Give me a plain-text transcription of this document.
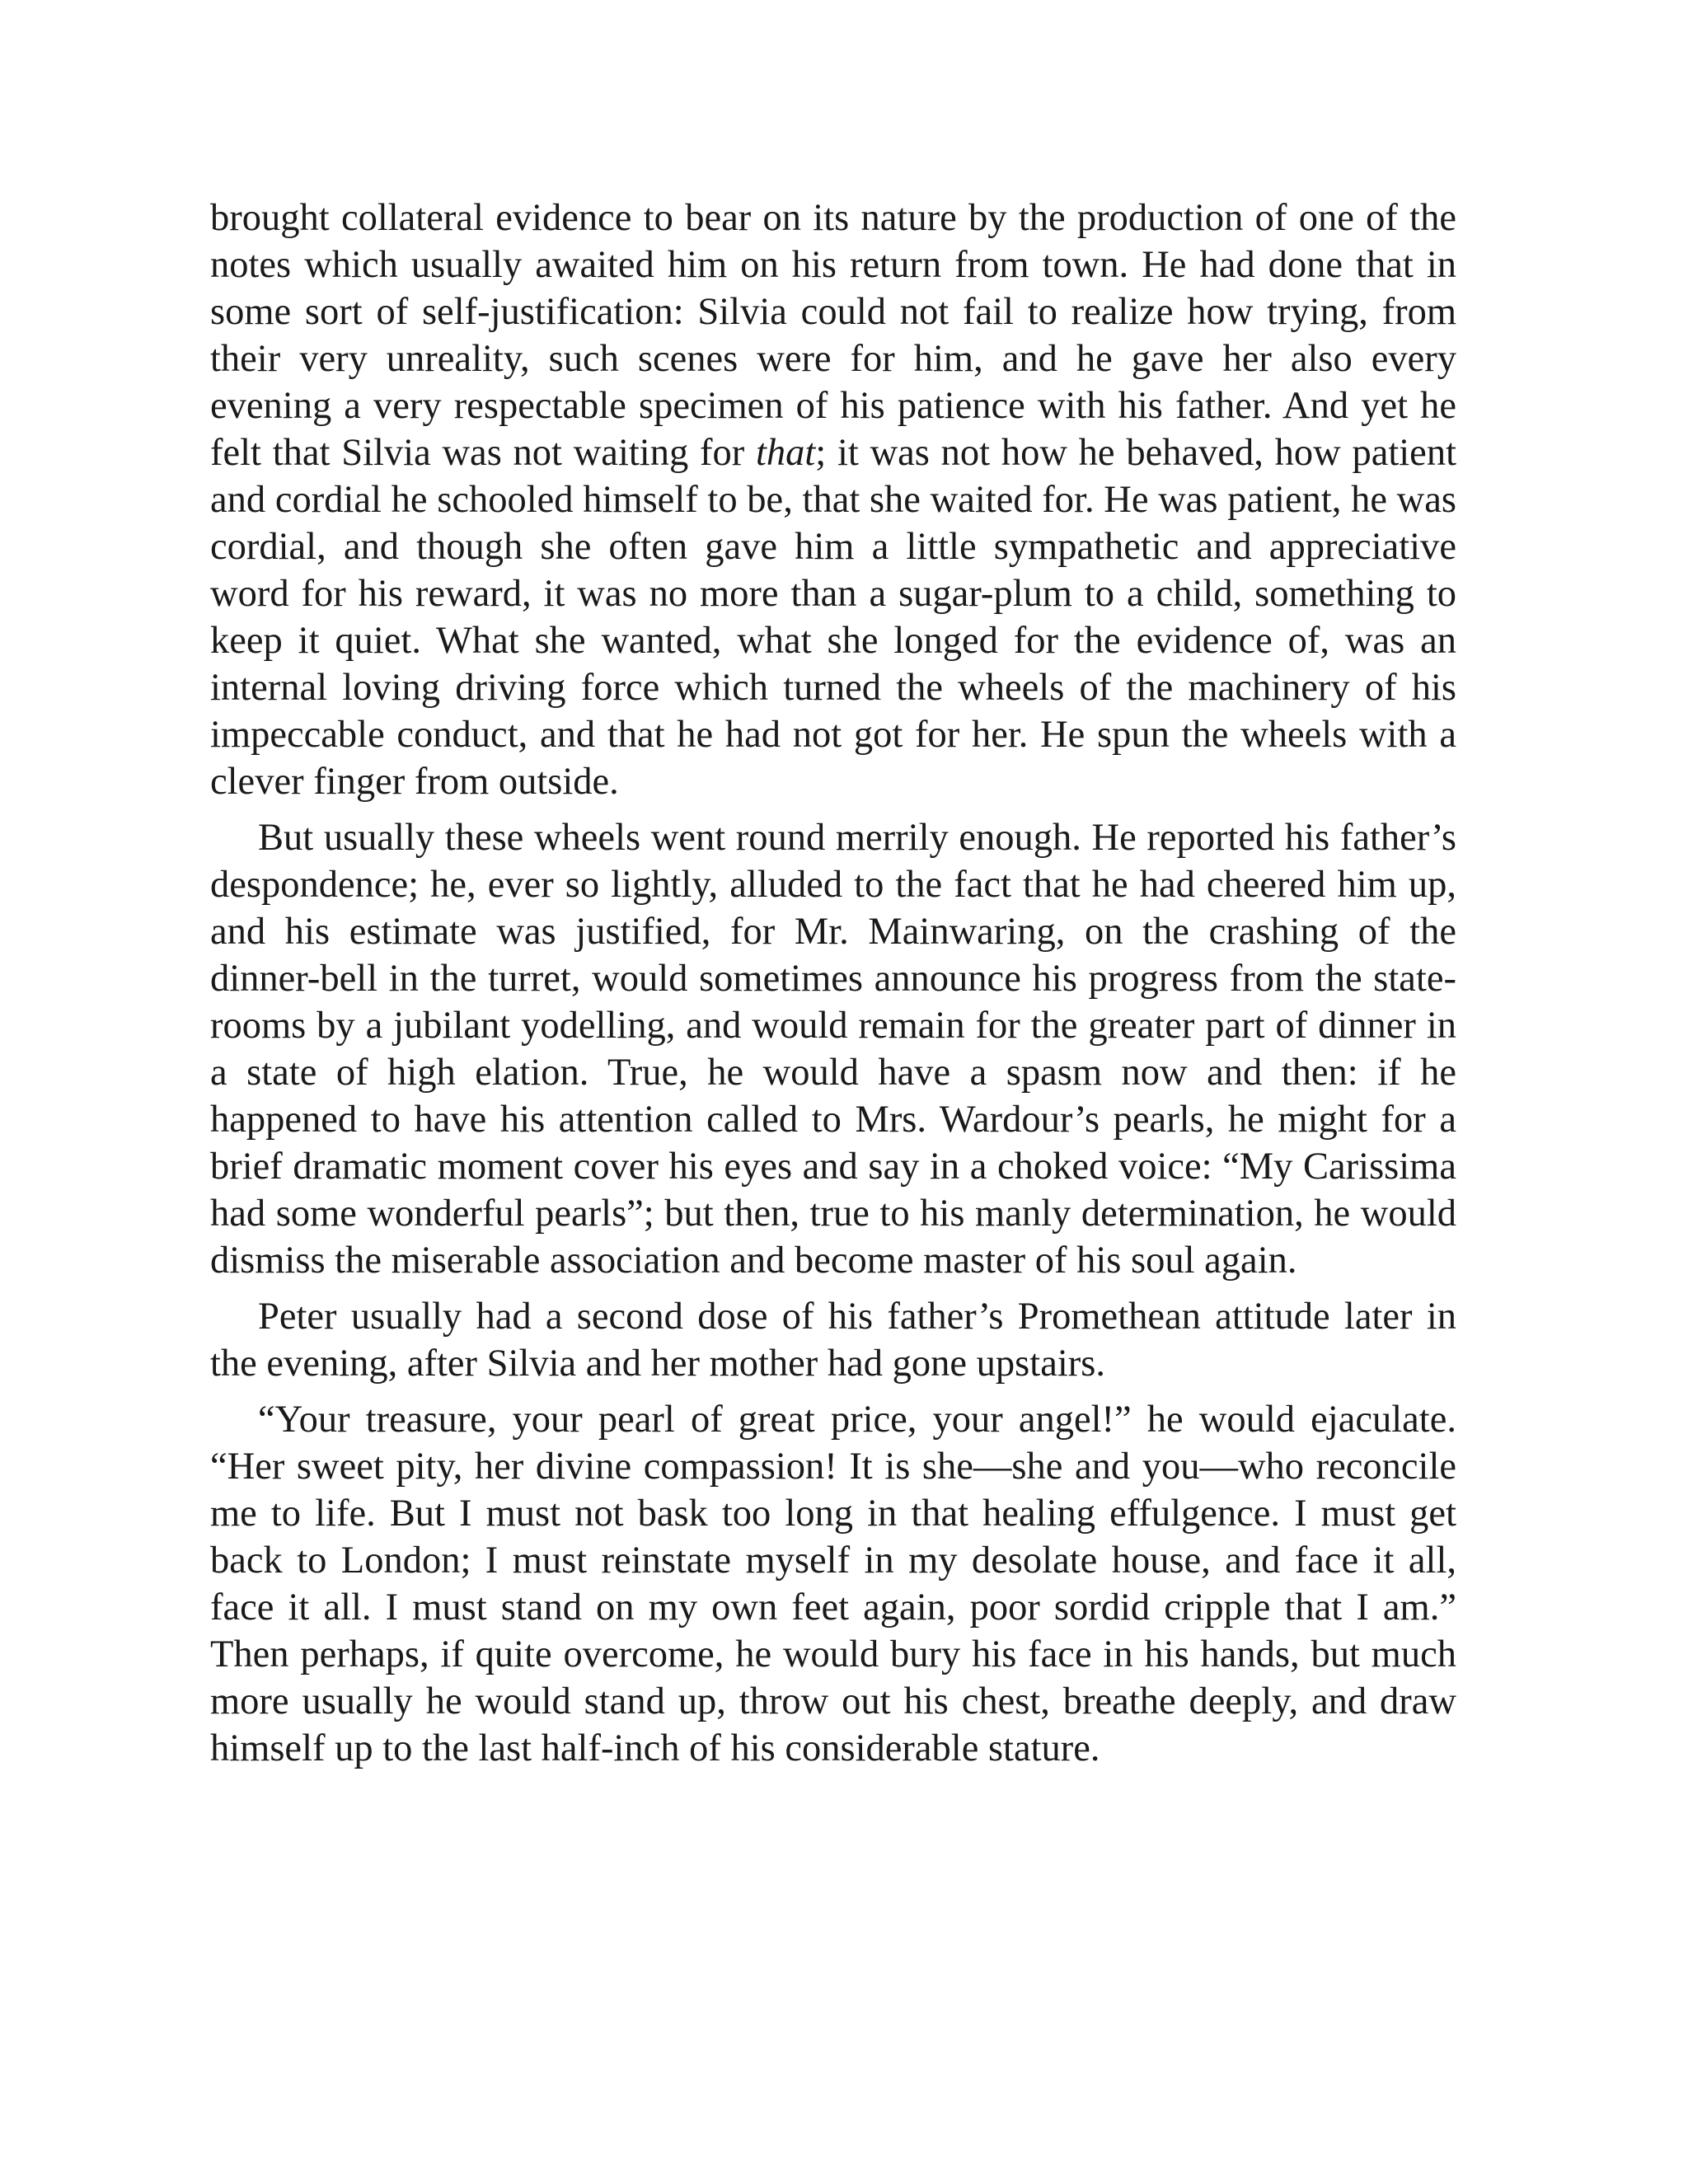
brought collateral evidence to bear on its nature by the production of one of the notes which usually awaited him on his return from town. He had done that in some sort of self-justification: Silvia could not fail to realize how trying, from their very unreality, such scenes were for him, and he gave her also every evening a very respectable specimen of his patience with his father. And yet he felt that Silvia was not waiting for that; it was not how he behaved, how patient and cordial he schooled himself to be, that she waited for. He was patient, he was cordial, and though she often gave him a little sympathetic and appreciative word for his reward, it was no more than a sugar-plum to a child, something to keep it quiet. What she wanted, what she longed for the evidence of, was an internal loving driving force which turned the wheels of the machinery of his impeccable conduct, and that he had not got for her. He spun the wheels with a clever finger from outside.

But usually these wheels went round merrily enough. He reported his father’s despondence; he, ever so lightly, alluded to the fact that he had cheered him up, and his estimate was justified, for Mr. Mainwaring, on the crashing of the dinner-bell in the turret, would sometimes announce his progress from the state-rooms by a jubilant yodelling, and would remain for the greater part of dinner in a state of high elation. True, he would have a spasm now and then: if he happened to have his attention called to Mrs. Wardour’s pearls, he might for a brief dramatic moment cover his eyes and say in a choked voice: “My Carissima had some wonderful pearls”; but then, true to his manly determination, he would dismiss the miserable association and become master of his soul again.

Peter usually had a second dose of his father’s Promethean attitude later in the evening, after Silvia and her mother had gone upstairs.

“Your treasure, your pearl of great price, your angel!” he would ejaculate. “Her sweet pity, her divine compassion! It is she—she and you—who reconcile me to life. But I must not bask too long in that healing effulgence. I must get back to London; I must reinstate myself in my desolate house, and face it all, face it all. I must stand on my own feet again, poor sordid cripple that I am.” Then perhaps, if quite overcome, he would bury his face in his hands, but much more usually he would stand up, throw out his chest, breathe deeply, and draw himself up to the last half-inch of his considerable stature.
